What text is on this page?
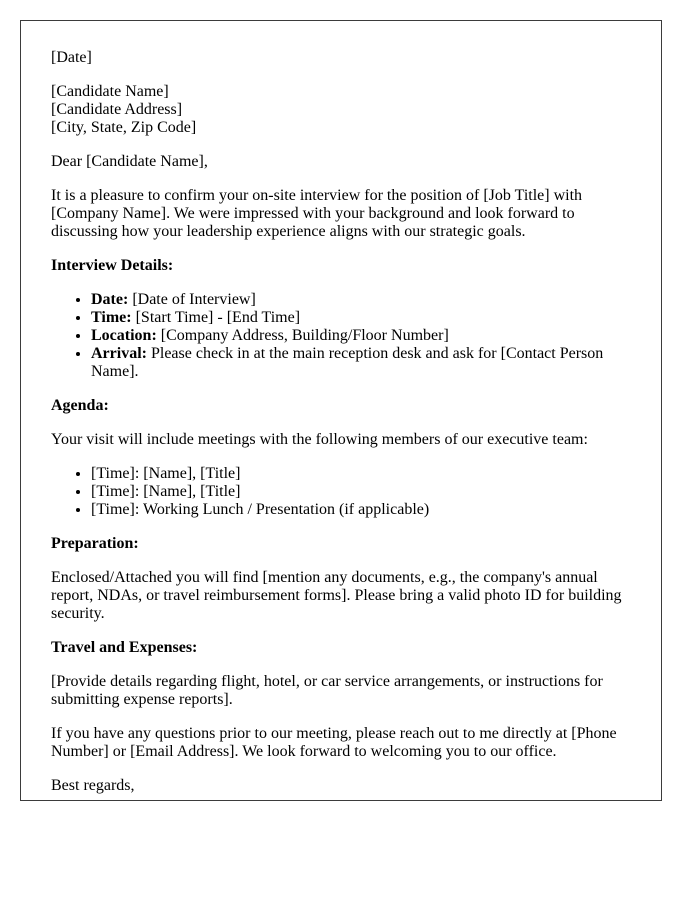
[Date]

[Candidate Name]
[Candidate Address]
[City, State, Zip Code]

Dear [Candidate Name],

It is a pleasure to confirm your on-site interview for the position of [Job Title] with [Company Name]. We were impressed with your background and look forward to discussing how your leadership experience aligns with our strategic goals.

Interview Details:

• Date: [Date of Interview]
• Time: [Start Time] - [End Time]
• Location: [Company Address, Building/Floor Number]
• Arrival: Please check in at the main reception desk and ask for [Contact Person Name].

Agenda:

Your visit will include meetings with the following members of our executive team:

• [Time]: [Name], [Title]
• [Time]: [Name], [Title]
• [Time]: Working Lunch / Presentation (if applicable)

Preparation:

Enclosed/Attached you will find [mention any documents, e.g., the company's annual report, NDAs, or travel reimbursement forms]. Please bring a valid photo ID for building security.

Travel and Expenses:

[Provide details regarding flight, hotel, or car service arrangements, or instructions for submitting expense reports].

If you have any questions prior to our meeting, please reach out to me directly at [Phone Number] or [Email Address]. We look forward to welcoming you to our office.

Best regards,
